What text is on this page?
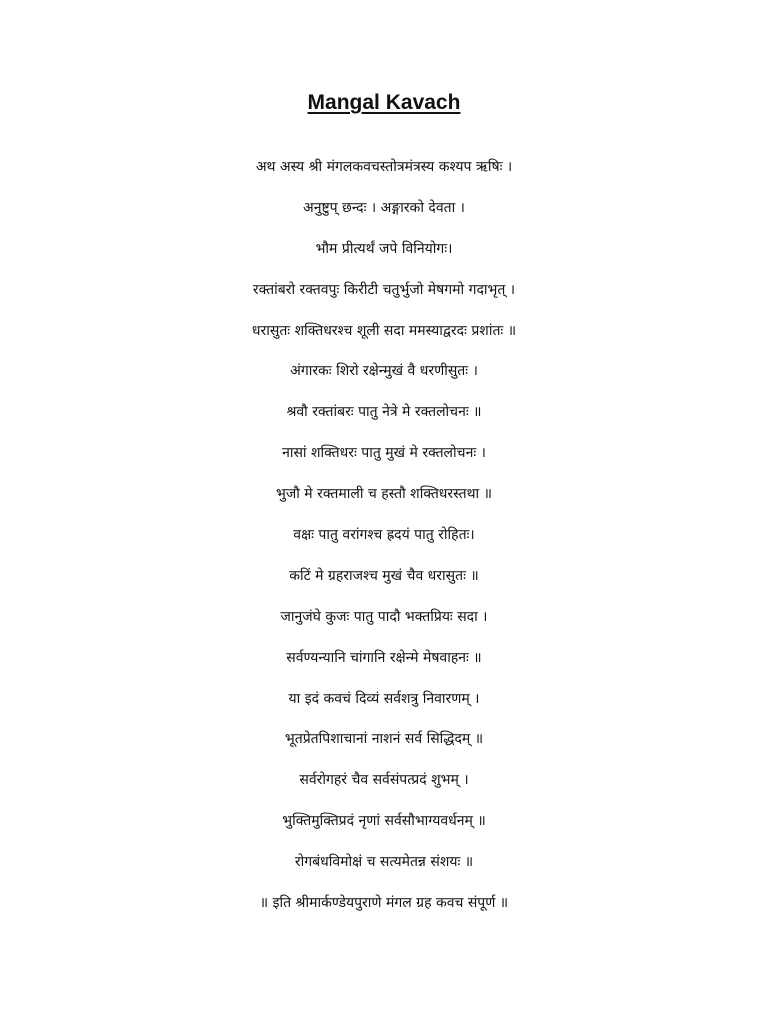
Mangal Kavach
अथ अस्य श्री मंगलकवचस्तोत्रमंत्रस्य कश्यप ऋषिः ।
अनुष्टुप् छन्दः । अङ्गारको देवता ।
भौम प्रीत्यर्थं जपे विनियोगः।
रक्तांबरो रक्तवपुः किरीटी चतुर्भुजो मेषगमो गदाभृत् ।
धरासुतः शक्तिधरश्च शूली सदा ममस्याद्वरदः प्रशांतः ॥
अंगारकः शिरो रक्षेन्मुखं वै धरणीसुतः ।
श्रवौ रक्तांबरः पातु नेत्रे मे रक्तलोचनः ॥
नासां शक्तिधरः पातु मुखं मे रक्तलोचनः ।
भुजौ मे रक्तमाली च हस्तौ शक्तिधरस्तथा ॥
वक्षः पातु वरांगश्च ह्रदयं पातु रोहितः।
कटिं मे ग्रहराजश्च मुखं चैव धरासुतः ॥
जानुजंघे कुजः पातु पादौ भक्तप्रियः सदा ।
सर्वण्यन्यानि चांगानि रक्षेन्मे मेषवाहनः ॥
या इदं कवचं दिव्यं सर्वशत्रु निवारणम् ।
भूतप्रेतपिशाचानां नाशनं सर्व सिद्धिदम् ॥
सर्वरोगहरं चैव सर्वसंपत्प्रदं शुभम् ।
भुक्तिमुक्तिप्रदं नृणां सर्वसौभाग्यवर्धनम् ॥
रोगबंधविमोक्षं च सत्यमेतन्न संशयः ॥
॥ इति श्रीमार्कण्डेयपुराणे मंगल ग्रह कवच संपूर्ण ॥
